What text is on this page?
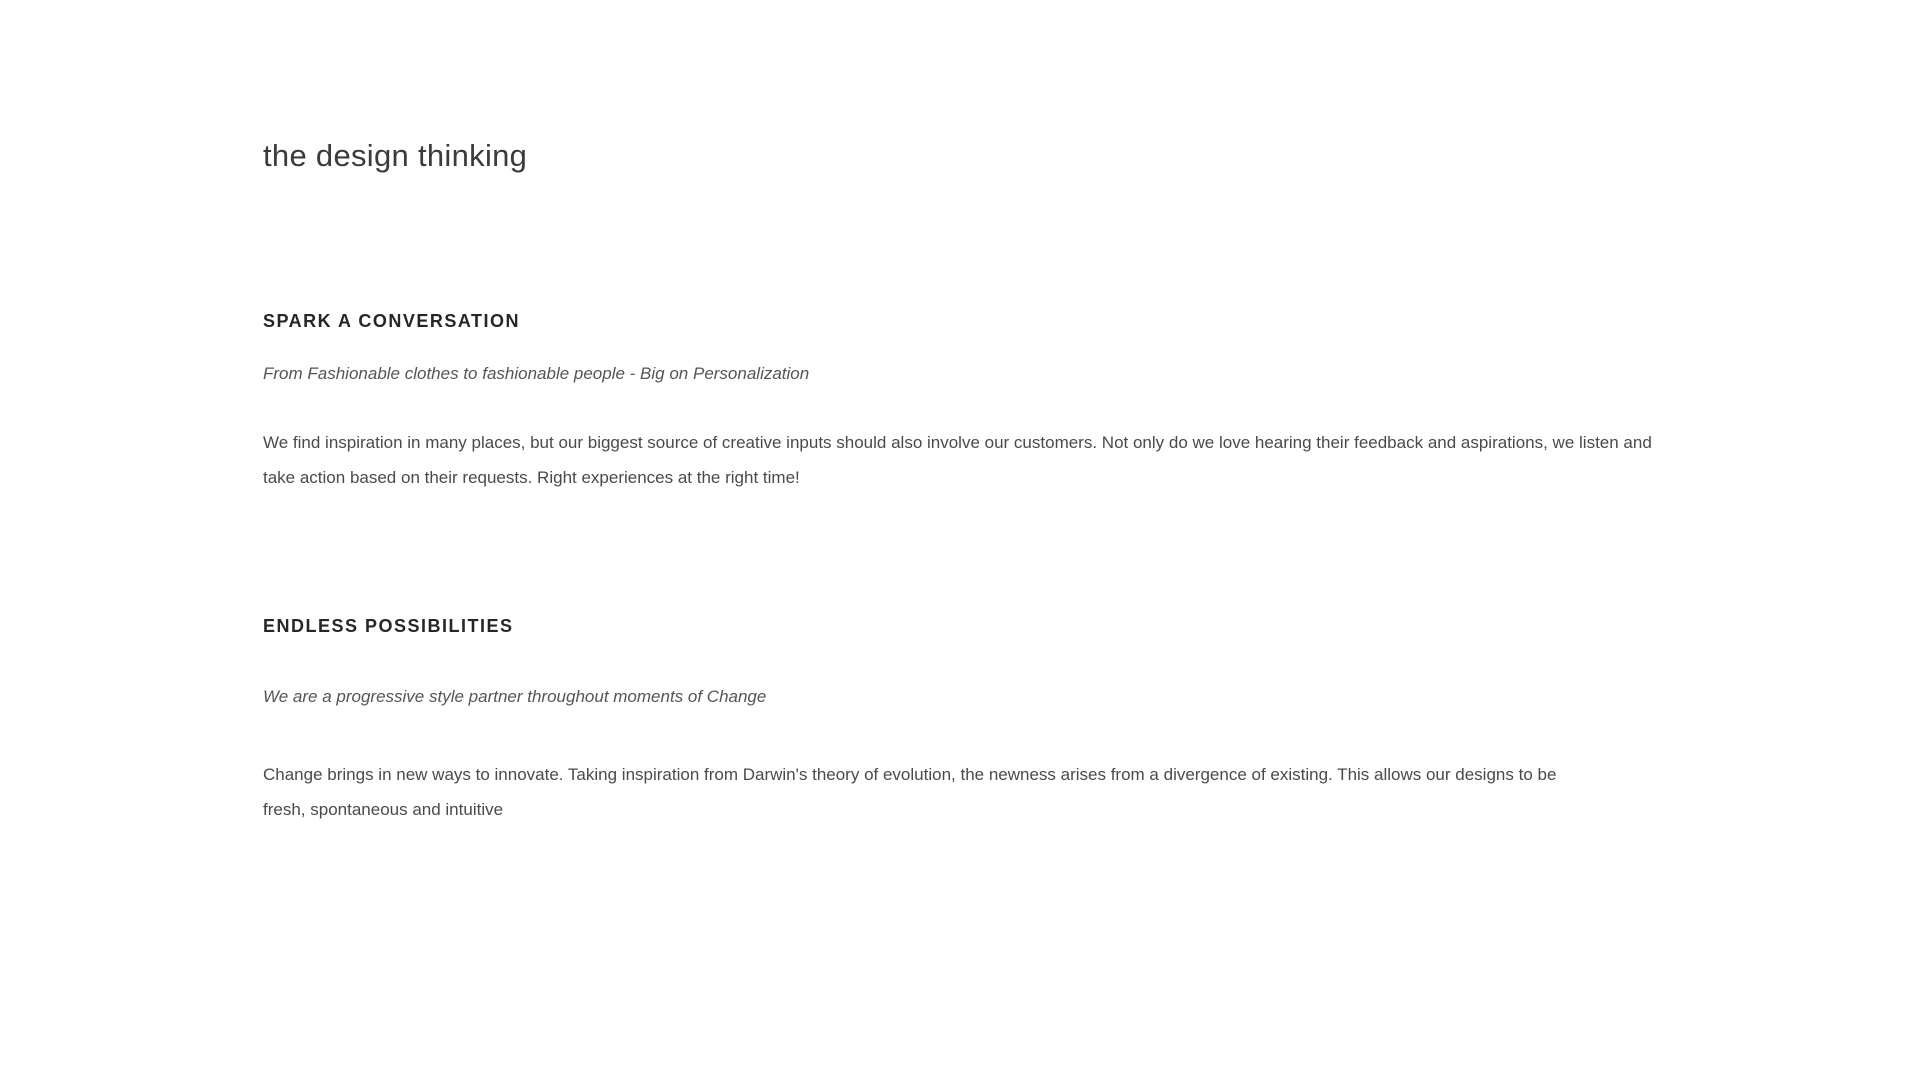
the design thinking
SPARK A CONVERSATION

From Fashionable clothes to fashionable people - Big on Personalization

We find inspiration in many places, but our biggest source of creative inputs should also involve our customers. Not only do we love hearing their feedback and aspirations, we listen and take action based on their requests. Right experiences at the right time!

ENDLESS POSSIBILITIES

We are a progressive style partner throughout moments of Change

Change brings in new ways to innovate. Taking inspiration from Darwin's theory of evolution, the newness arises from a divergence of existing. This allows our designs to be fresh, spontaneous and intuitive
